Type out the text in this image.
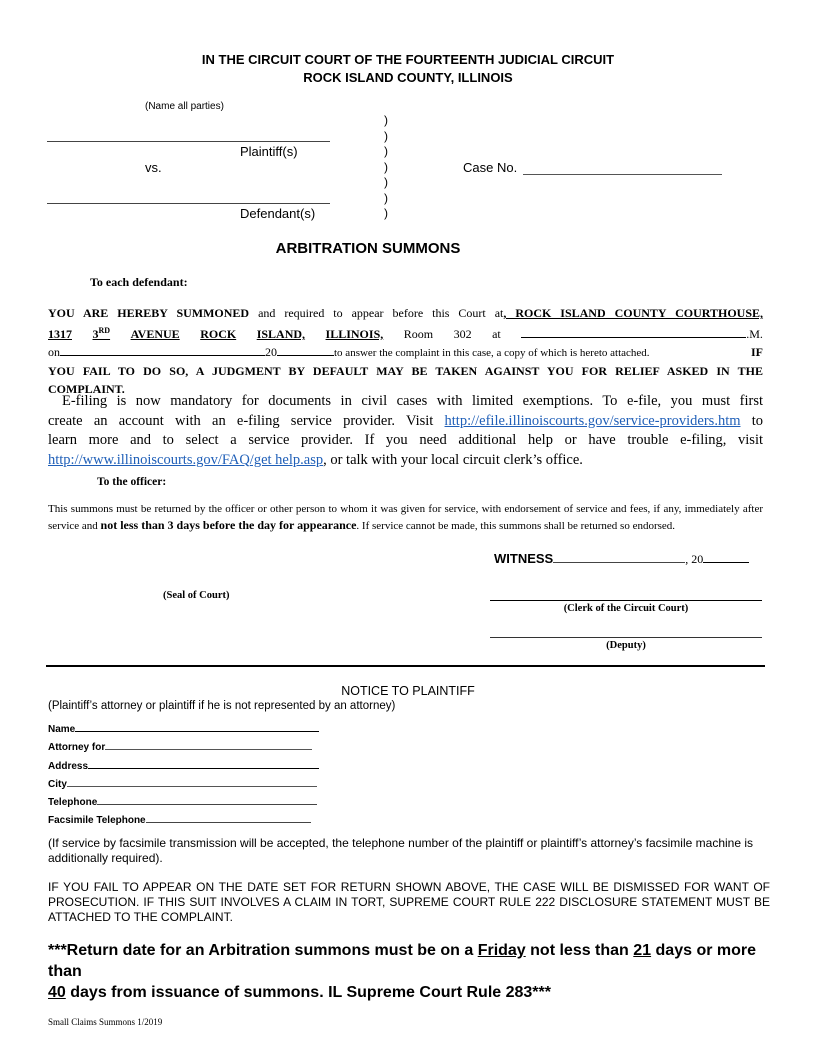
IN THE CIRCUIT COURT OF THE FOURTEENTH JUDICIAL CIRCUIT
ROCK ISLAND COUNTY, ILLINOIS
(Name all parties)
Plaintiff(s)
vs.
Defendant(s)
)
)
)
)
)
)
)
Case No.
ARBITRATION SUMMONS
To each defendant:
YOU ARE HEREBY SUMMONED and required to appear before this Court at, ROCK ISLAND COUNTY COURTHOUSE,
1317 3RD AVENUE ROCK ISLAND, ILLINOIS, Room 302 at	.M.
on	20	to answer the complaint in this case, a copy of which is hereto attached.	IF
YOU FAIL TO DO SO, A JUDGMENT BY DEFAULT MAY BE TAKEN AGAINST YOU FOR RELIEF ASKED IN THE
COMPLAINT.
E-filing is now mandatory for documents in civil cases with limited exemptions. To e-file, you must first
create an account with an e-filing service provider. Visit http://efile.illinoiscourts.gov/service-providers.htm to
learn more and to select a service provider. If you need additional help or have trouble e-filing, visit
http://www.illinoiscourts.gov/FAQ/get help.asp, or talk with your local circuit clerk’s office.
To the officer:
This summons must be returned by the officer or other person to whom it was given for service, with endorsement of service and fees, if any, immediately after service and not less than 3 days before the day for appearance. If service cannot be made, this summons shall be returned so endorsed.
WITNESS	, 20
(Seal of Court)
(Clerk of the Circuit Court)
(Deputy)
NOTICE TO PLAINTIFF
(Plaintiff’s attorney or plaintiff if he is not represented by an attorney)
Name
Attorney for
Address
City
Telephone
Facsimile Telephone
(If service by facsimile transmission will be accepted, the telephone number of the plaintiff or plaintiff’s attorney’s facsimile machine is additionally required).
IF YOU FAIL TO APPEAR ON THE DATE SET FOR RETURN SHOWN ABOVE, THE CASE WILL BE DISMISSED FOR WANT OF PROSECUTION. IF THIS SUIT INVOLVES A CLAIM IN TORT, SUPREME COURT RULE 222 DISCLOSURE STATEMENT MUST BE ATTACHED TO THE COMPLAINT.
***Return date for an Arbitration summons must be on a Friday not less than 21 days or more than
40 days from issuance of summons. IL Supreme Court Rule 283***
Small Claims Summons 1/2019
